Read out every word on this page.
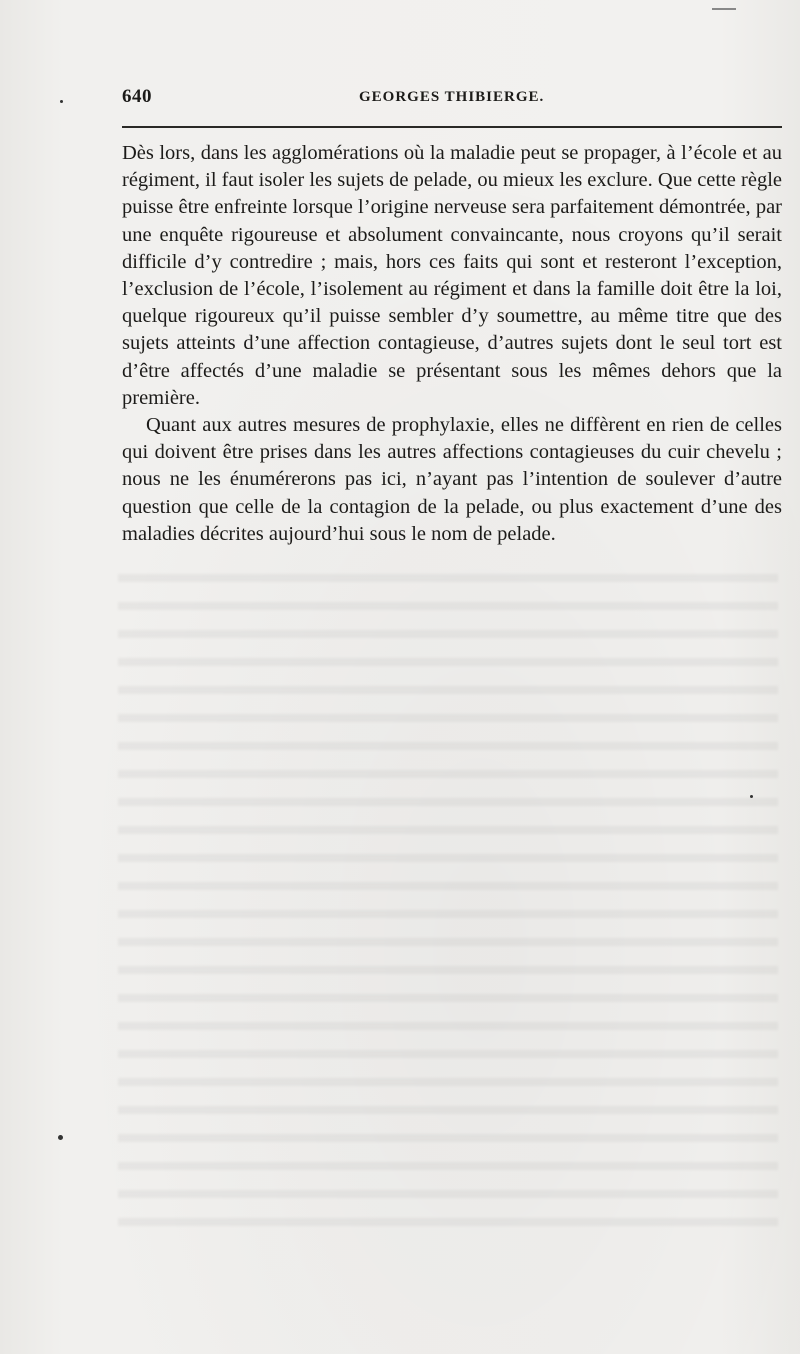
640	GEORGES THIBIERGE.

Dès lors, dans les agglomérations où la maladie peut se propager, à l’école et au régiment, il faut isoler les sujets de pelade, ou mieux les exclure. Que cette règle puisse être enfreinte lorsque l’origine nerveuse sera parfaitement démontrée, par une enquête rigoureuse et absolument convaincante, nous croyons qu’il serait difficile d’y contredire ; mais, hors ces faits qui sont et resteront l’exception, l’exclusion de l’école, l’isolement au régiment et dans la famille doit être la loi, quelque rigoureux qu’il puisse sembler d’y soumettre, au même titre que des sujets atteints d’une affection contagieuse, d’autres sujets dont le seul tort est d’être affectés d’une maladie se présentant sous les mêmes dehors que la première.

Quant aux autres mesures de prophylaxie, elles ne diffèrent en rien de celles qui doivent être prises dans les autres affections contagieuses du cuir chevelu ; nous ne les énumérerons pas ici, n’ayant pas l’intention de soulever d’autre question que celle de la contagion de la pelade, ou plus exactement d’une des maladies décrites aujourd’hui sous le nom de pelade.
